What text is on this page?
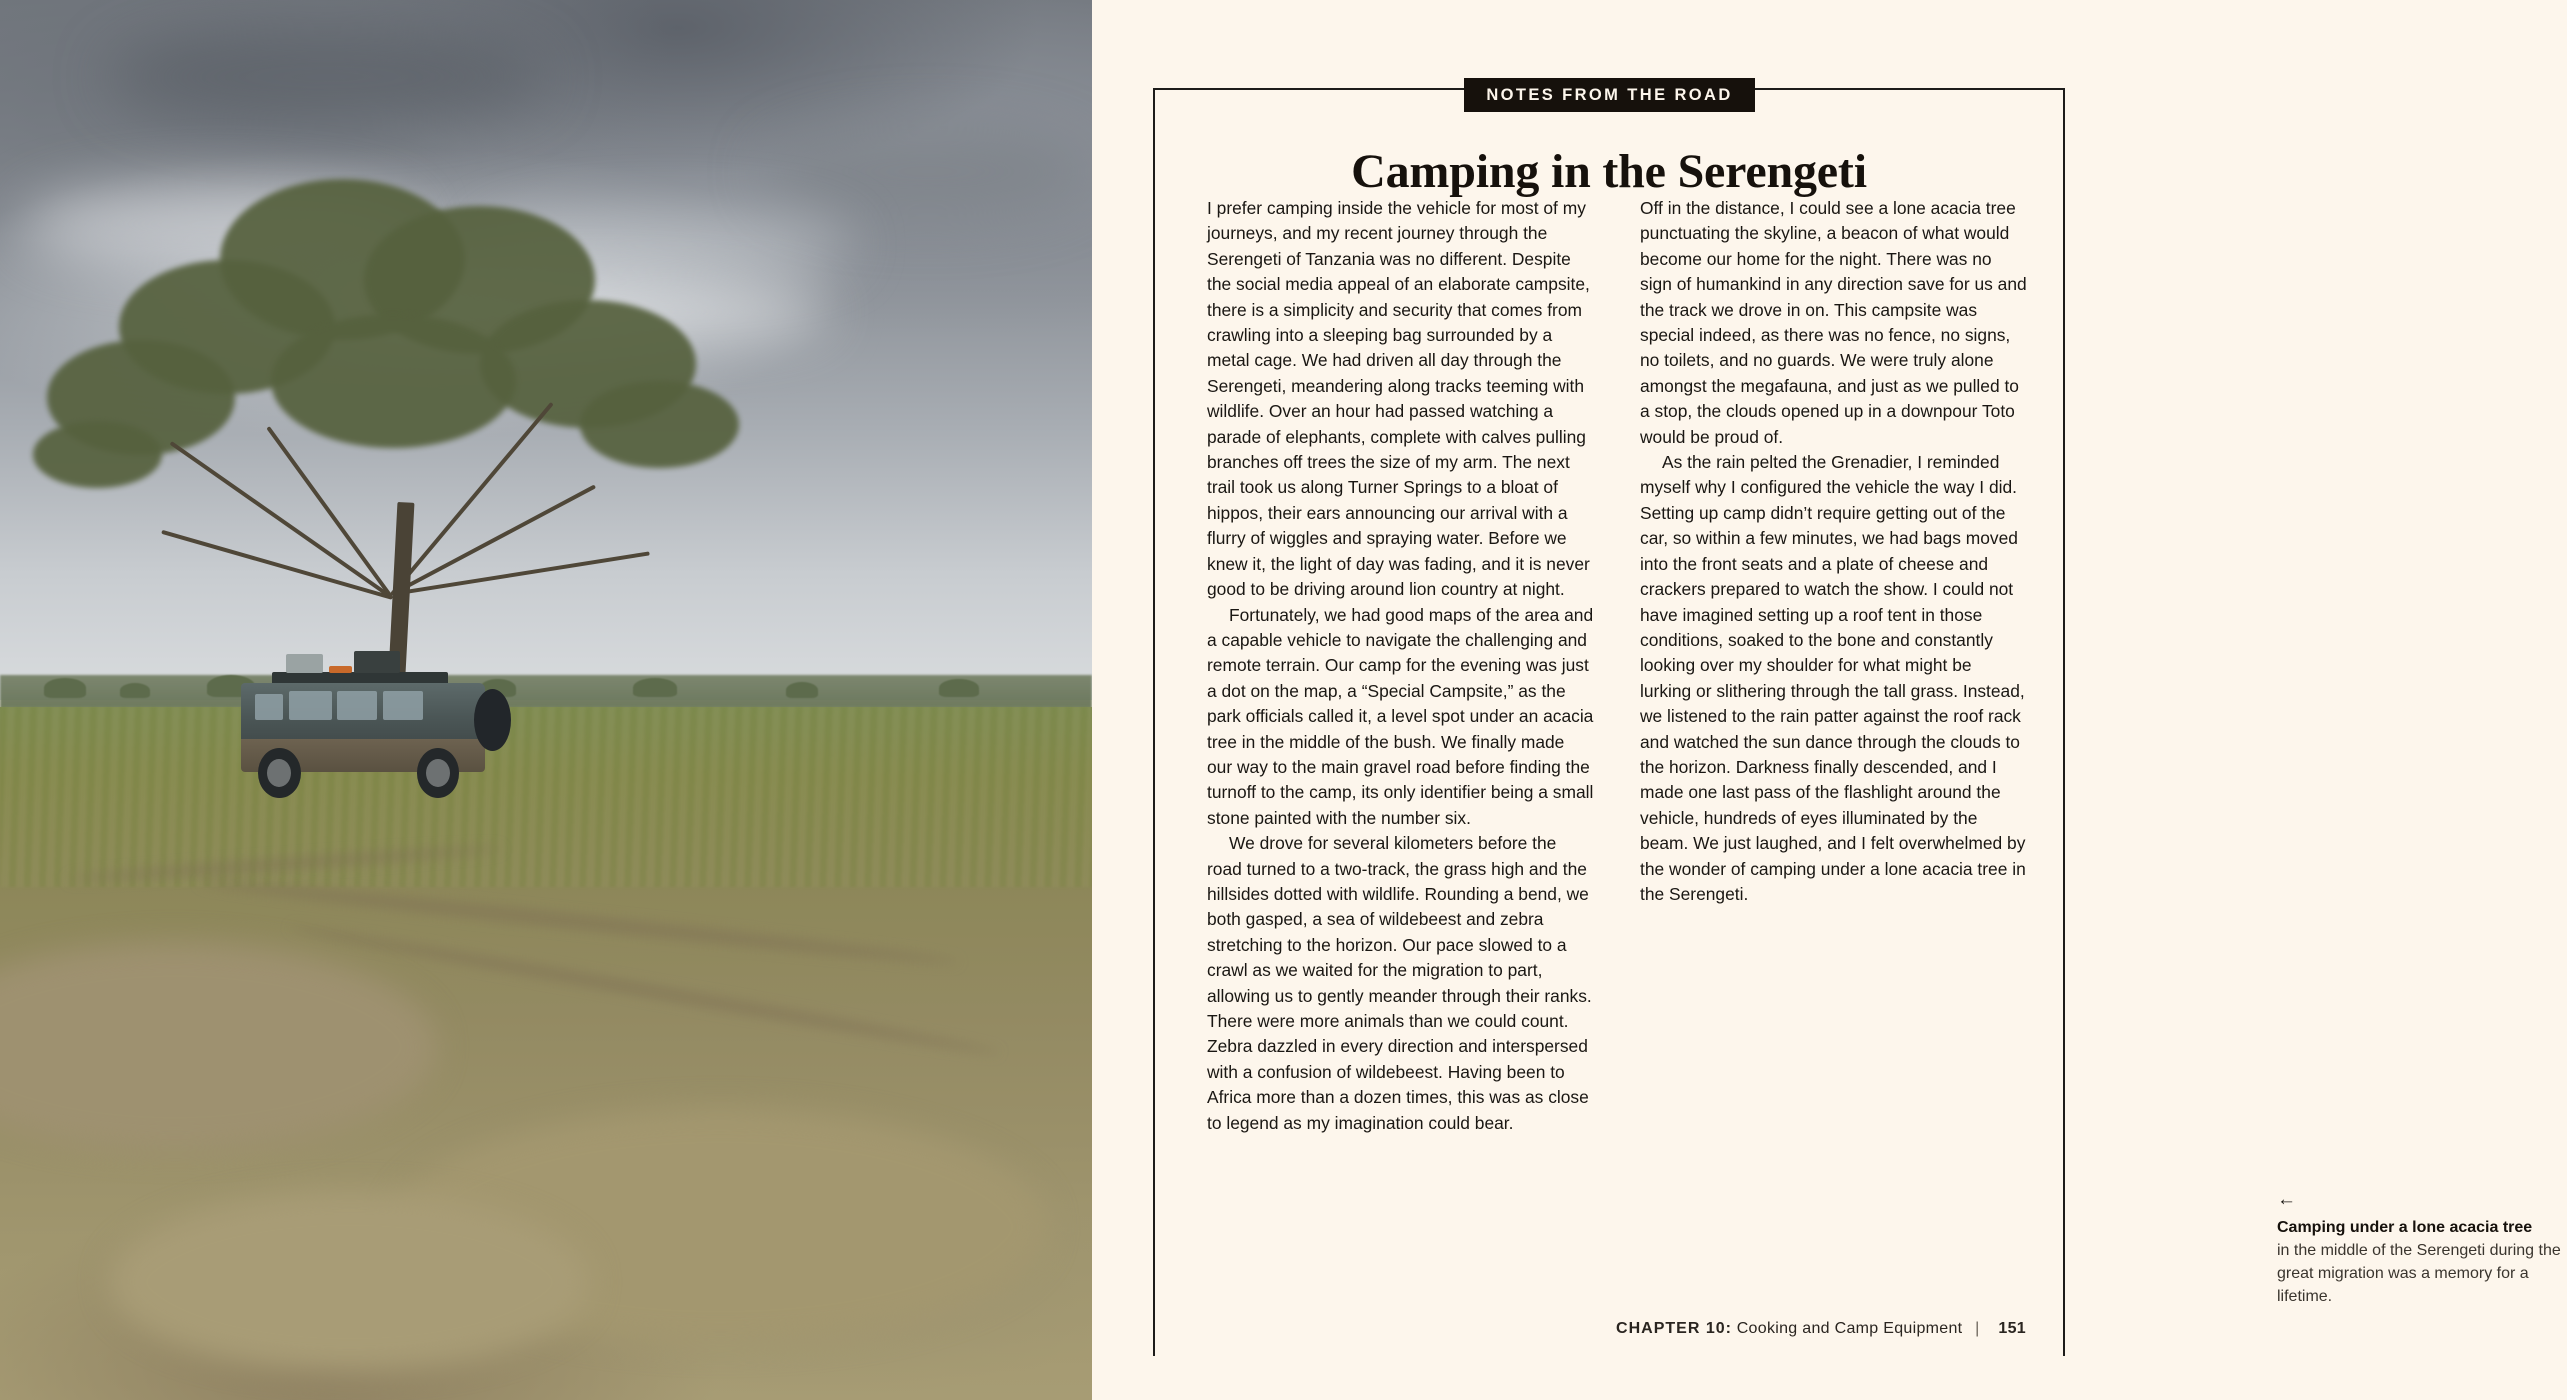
NOTES FROM THE ROAD
Camping in the Serengeti

I prefer camping inside the vehicle for most of my journeys, and my recent journey through the Serengeti of Tanzania was no different. Despite the social media appeal of an elaborate campsite, there is a simplicity and security that comes from crawling into a sleeping bag surrounded by a metal cage. We had driven all day through the Serengeti, meandering along tracks teeming with wildlife. Over an hour had passed watching a parade of elephants, complete with calves pulling branches off trees the size of my arm. The next trail took us along Turner Springs to a bloat of hippos, their ears announcing our arrival with a flurry of wiggles and spraying water. Before we knew it, the light of day was fading, and it is never good to be driving around lion country at night.

Fortunately, we had good maps of the area and a capable vehicle to navigate the challenging and remote terrain. Our camp for the evening was just a dot on the map, a “Special Campsite,” as the park officials called it, a level spot under an acacia tree in the middle of the bush. We finally made our way to the main gravel road before finding the turnoff to the camp, its only identifier being a small stone painted with the number six.

We drove for several kilometers before the road turned to a two-track, the grass high and the hillsides dotted with wildlife. Rounding a bend, we both gasped, a sea of wildebeest and zebra stretching to the horizon. Our pace slowed to a crawl as we waited for the migration to part, allowing us to gently meander through their ranks. There were more animals than we could count. Zebra dazzled in every direction and interspersed with a confusion of wildebeest. Having been to Africa more than a dozen times, this was as close to legend as my imagination could bear.

Off in the distance, I could see a lone acacia tree punctuating the skyline, a beacon of what would become our home for the night. There was no sign of humankind in any direction save for us and the track we drove in on. This campsite was special indeed, as there was no fence, no signs, no toilets, and no guards. We were truly alone amongst the megafauna, and just as we pulled to a stop, the clouds opened up in a downpour Toto would be proud of.

As the rain pelted the Grenadier, I reminded myself why I configured the vehicle the way I did. Setting up camp didn’t require getting out of the car, so within a few minutes, we had bags moved into the front seats and a plate of cheese and crackers prepared to watch the show. I could not have imagined setting up a roof tent in those conditions, soaked to the bone and constantly looking over my shoulder for what might be lurking or slithering through the tall grass. Instead, we listened to the rain patter against the roof rack and watched the sun dance through the clouds to the horizon. Darkness finally descended, and I made one last pass of the flashlight around the vehicle, hundreds of eyes illuminated by the beam. We just laughed, and I felt overwhelmed by the wonder of camping under a lone acacia tree in the Serengeti.

←
Camping under a lone acacia tree
in the middle of the Serengeti during the great migration was a memory for a lifetime.
CHAPTER 10: Cooking and Camp Equipment | 151
